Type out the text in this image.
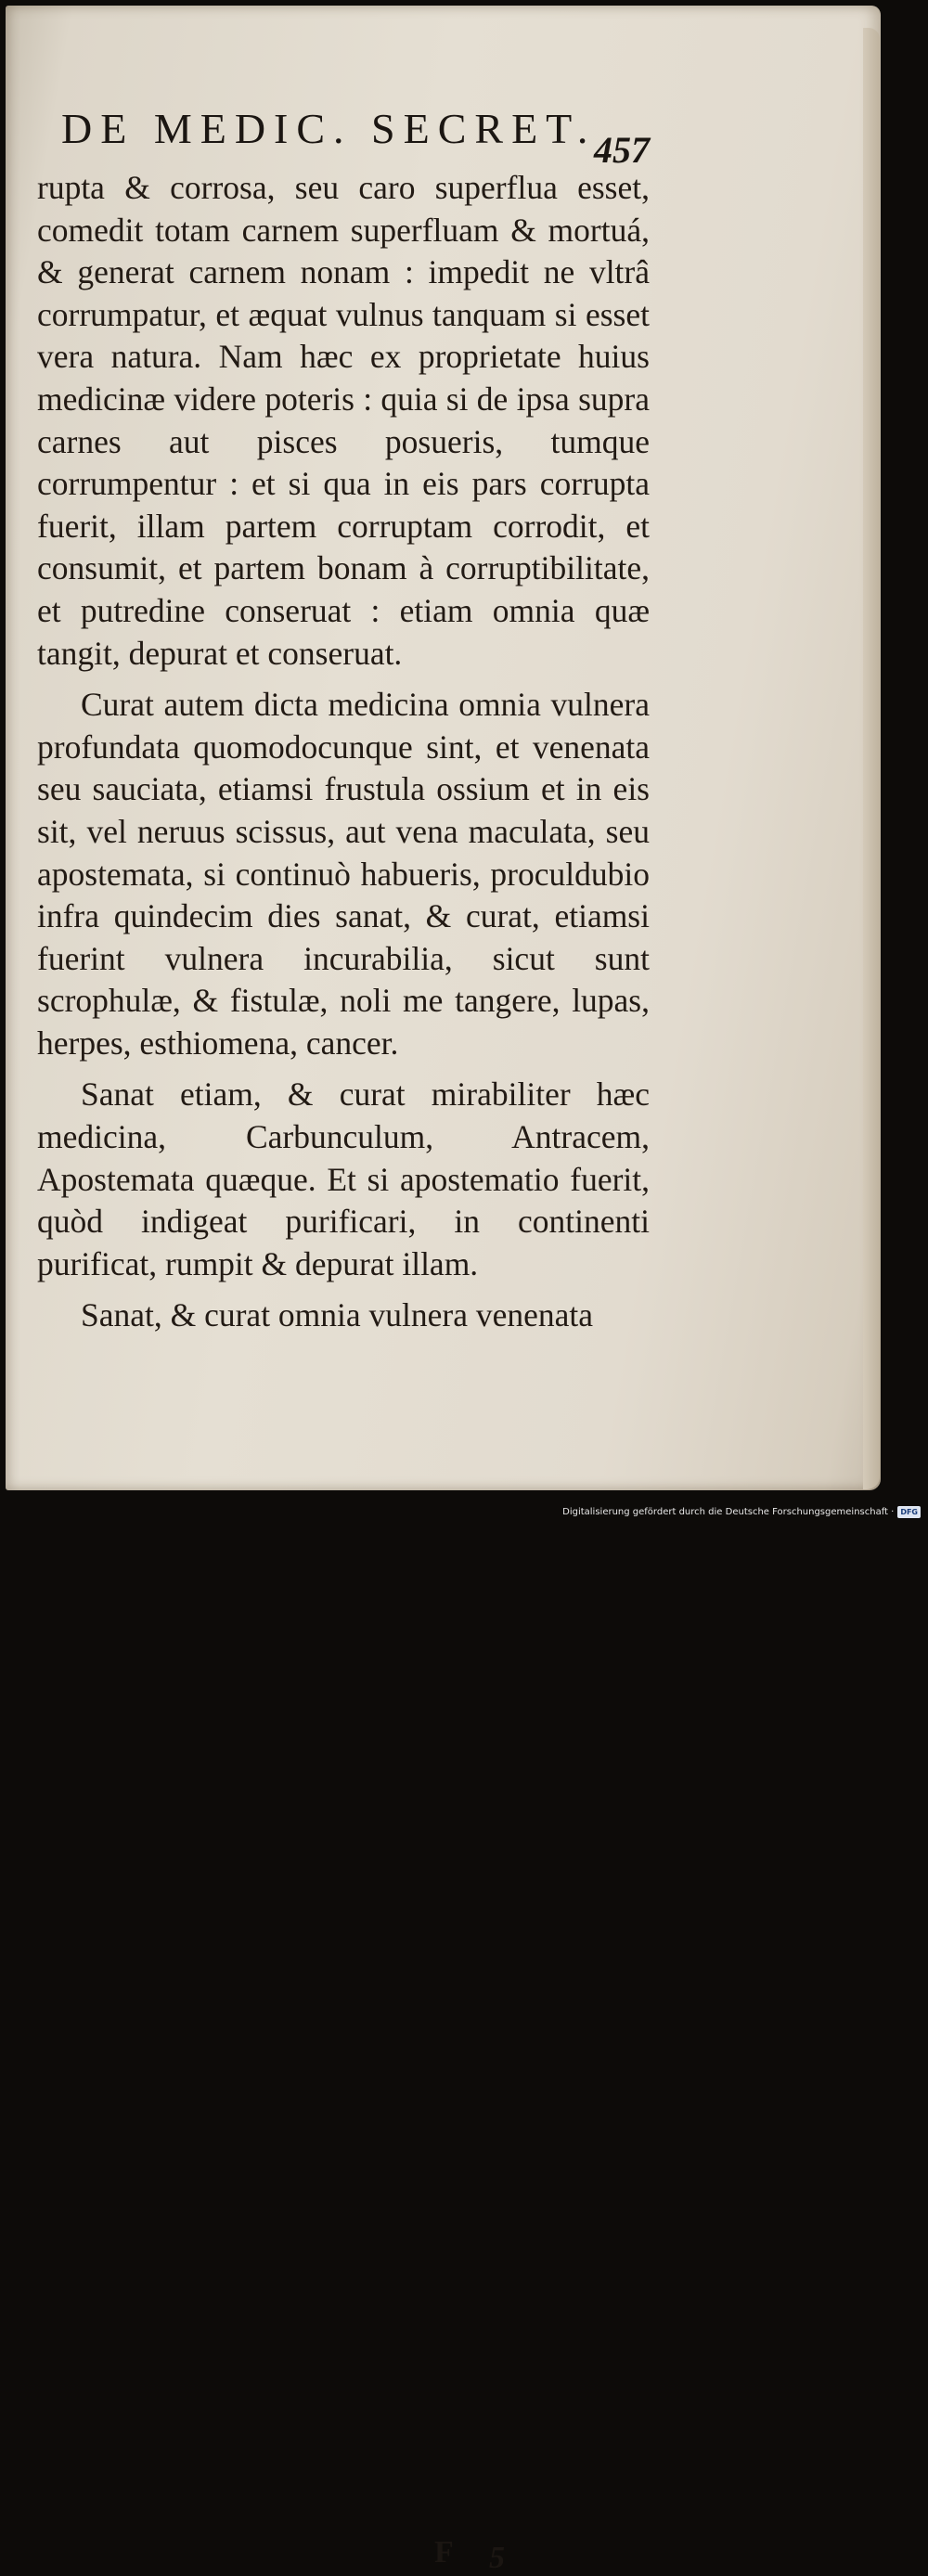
DE MEDIC. SECRET.
457

rupta & corrosa, seu caro superflua esset, comedit totam carnem superfluam & mortuá, & generat carnem nonam : impedit ne vltrâ corrumpatur, et æquat vulnus tanquam si esset vera natura. Nam hæc ex proprietate huius medicinæ videre poteris : quia si de ipsa supra carnes aut pisces posueris, tumque corrumpentur : et si qua in eis pars corrupta fuerit, illam partem corruptam corrodit, et consumit, et partem bonam à corruptibilitate, et putredine conseruat : etiam omnia quæ tangit, depurat et conseruat.

Curat autem dicta medicina omnia vulnera profundata quomodocunque sint, et venenata seu sauciata, etiamsi frustula ossium et in eis sit, vel neruus scissus, aut vena maculata, seu apostemata, si continuò habueris, proculdubio infra quindecim dies sanat, & curat, etiamsi fuerint vulnera incurabilia, sicut sunt scrophulæ, & fistulæ, noli me tangere, lupas, herpes, esthiomena, cancer.

Sanat etiam, & curat mirabiliter hæc medicina, Carbunculum, Antracem, Apostemata quæque. Et si apostematio fuerit, quòd indigeat purificari, in continenti purificat, rumpit & depurat illam.

Sanat, & curat omnia vulnera venenata

F 5
Digitalisierung gefördert durch die Deutsche Forschungsgemeinschaft · DFG
